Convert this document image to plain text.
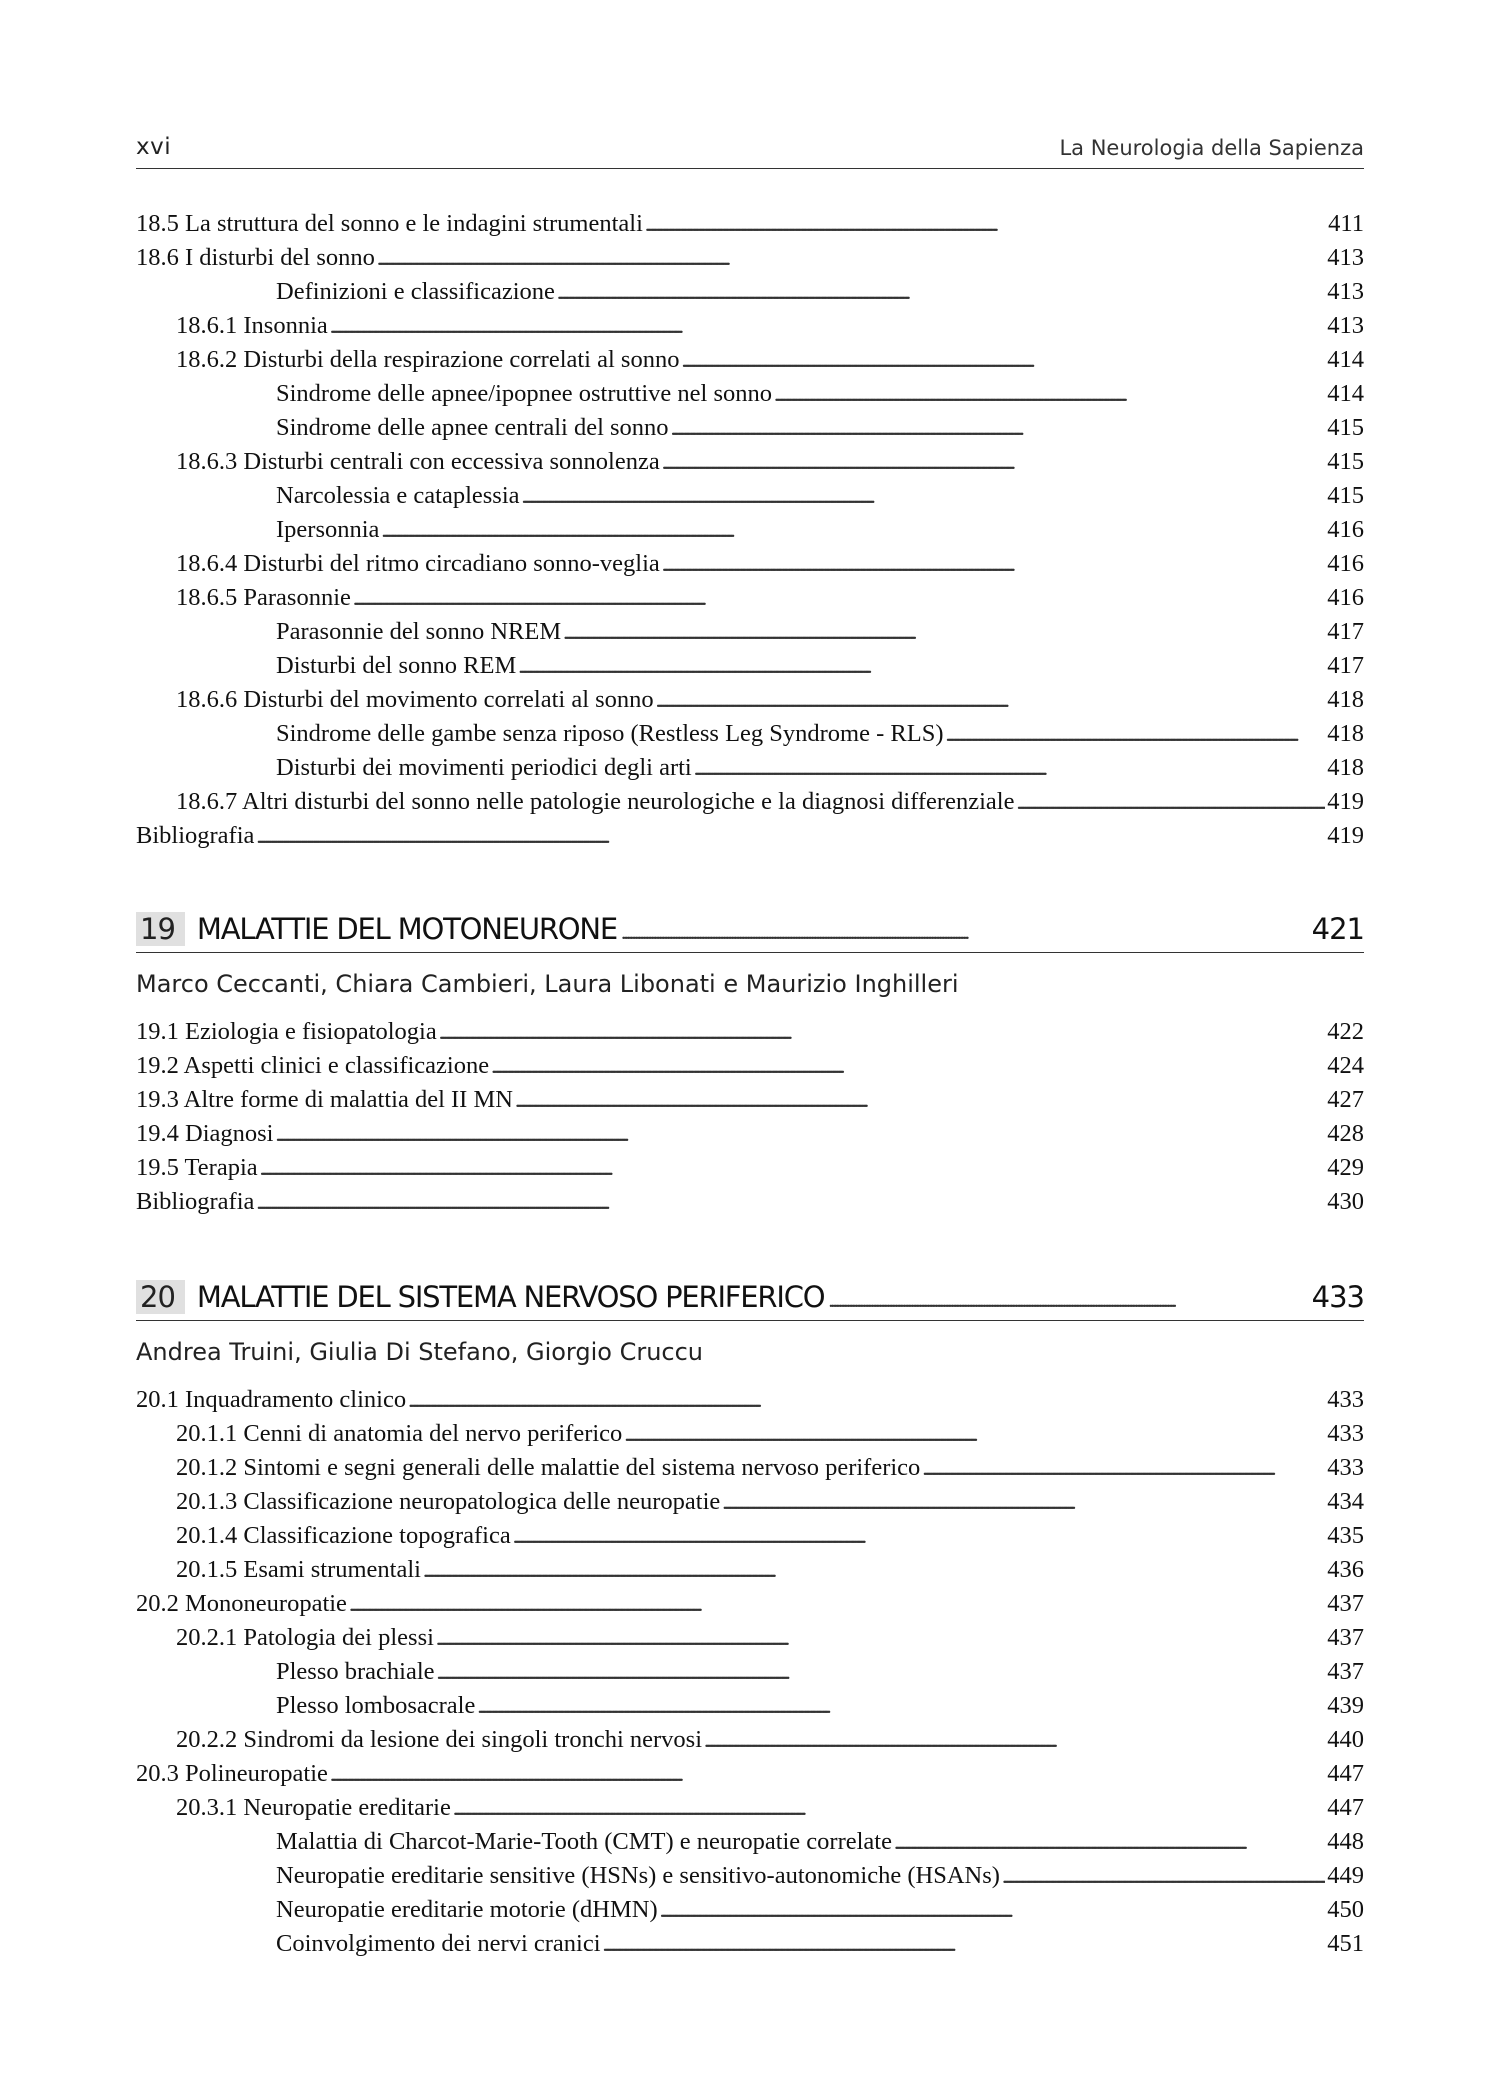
xvi	La Neurologia della Sapienza
18.5 La struttura del sonno e le indagini strumentali . . .	411
18.6 I disturbi del sonno . . .	413
Definizioni e classificazione . . .	413
18.6.1 Insonnia . . .	413
18.6.2 Disturbi della respirazione correlati al sonno . . .	414
Sindrome delle apnee/ipopnee ostruttive nel sonno . . .	414
Sindrome delle apnee centrali del sonno . . .	415
18.6.3 Disturbi centrali con eccessiva sonnolenza . . .	415
Narcolessia e cataplessia . . .	415
Ipersonnia . . .	416
18.6.4 Disturbi del ritmo circadiano sonno-veglia . . .	416
18.6.5 Parasonnie . . .	416
Parasonnie del sonno NREM . . .	417
Disturbi del sonno REM . . .	417
18.6.6 Disturbi del movimento correlati al sonno . . .	418
Sindrome delle gambe senza riposo (Restless Leg Syndrome - RLS) . . .	418
Disturbi dei movimenti periodici degli arti . . .	418
18.6.7 Altri disturbi del sonno nelle patologie neurologiche e la diagnosi differenziale . . .	419
Bibliografia . . .	419
19 MALATTIE DEL MOTONEURONE . . .	421
Marco Ceccanti, Chiara Cambieri, Laura Libonati e Maurizio Inghilleri
19.1 Eziologia e fisiopatologia . . .	422
19.2 Aspetti clinici e classificazione . . .	424
19.3 Altre forme di malattia del II MN . . .	427
19.4 Diagnosi . . .	428
19.5 Terapia . . .	429
Bibliografia . . .	430
20 MALATTIE DEL SISTEMA NERVOSO PERIFERICO . . .	433
Andrea Truini, Giulia Di Stefano, Giorgio Cruccu
20.1 Inquadramento clinico . . .	433
20.1.1 Cenni di anatomia del nervo periferico . . .	433
20.1.2 Sintomi e segni generali delle malattie del sistema nervoso periferico . . .	433
20.1.3 Classificazione neuropatologica delle neuropatie . . .	434
20.1.4 Classificazione topografica . . .	435
20.1.5 Esami strumentali . . .	436
20.2 Mononeuropatie . . .	437
20.2.1 Patologia dei plessi . . .	437
Plesso brachiale . . .	437
Plesso lombosacrale . . .	439
20.2.2 Sindromi da lesione dei singoli tronchi nervosi . . .	440
20.3 Polineuropatie . . .	447
20.3.1 Neuropatie ereditarie . . .	447
Malattia di Charcot-Marie-Tooth (CMT) e neuropatie correlate . . .	448
Neuropatie ereditarie sensitive (HSNs) e sensitivo-autonomiche (HSANs) . . .	449
Neuropatie ereditarie motorie (dHMN) . . .	450
Coinvolgimento dei nervi cranici . . .	451
